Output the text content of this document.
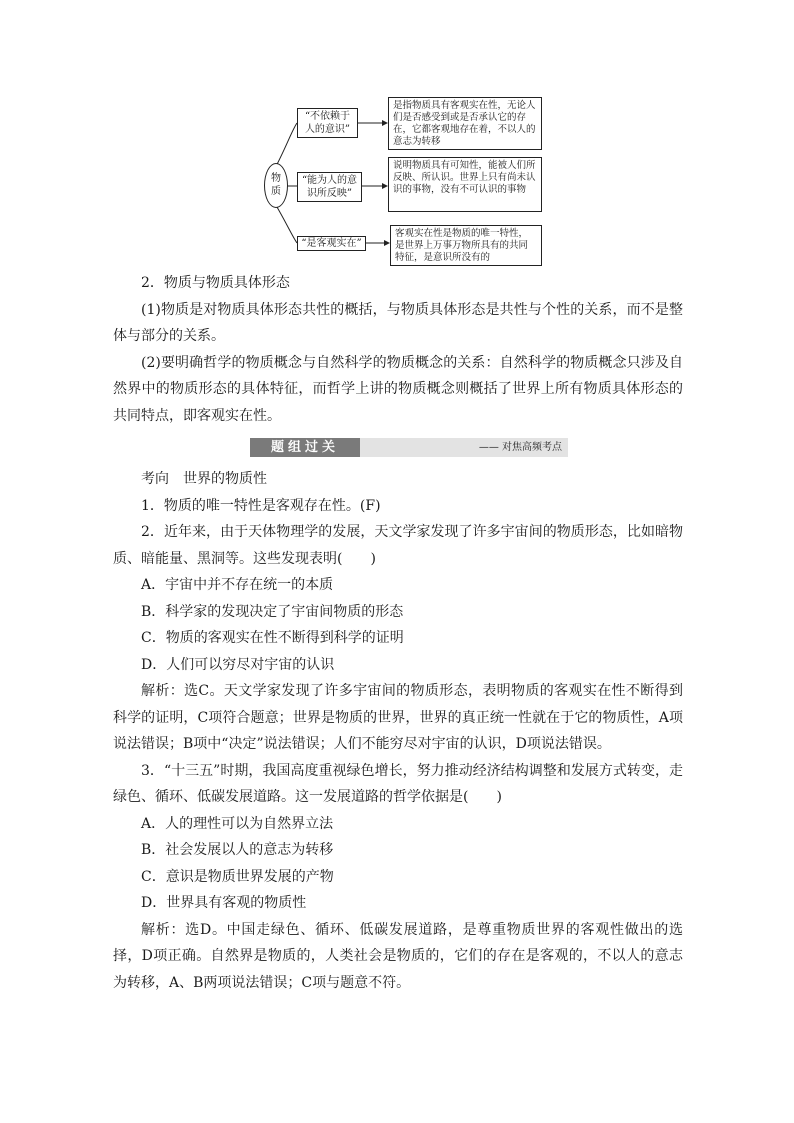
物质
“不依赖于人的意识”
“能为人的意识所反映”
“是客观实在”
是指物质具有客观实在性，无论人们是否感受到或是否承认它的存在，它都客观地存在着，不以人的意志为转移
说明物质具有可知性，能被人们所反映、所认识。世界上只有尚未认识的事物，没有不可认识的事物
客观实在性是物质的唯一特性，是世界上万事万物所具有的共同特征，是意识所没有的

2．物质与物质具体形态

(1)物质是对物质具体形态共性的概括，与物质具体形态是共性与个性的关系，而不是整体与部分的关系。

(2)要明确哲学的物质概念与自然科学的物质概念的关系：自然科学的物质概念只涉及自然界中的物质形态的具体特征，而哲学上讲的物质概念则概括了世界上所有物质具体形态的共同特点，即客观实在性。

题组过关	—— 对焦高频考点

考向　世界的物质性

1．物质的唯一特性是客观存在性。(F)

2．近年来，由于天体物理学的发展，天文学家发现了许多宇宙间的物质形态，比如暗物质、暗能量、黑洞等。这些发现表明(　　)

A．宇宙中并不存在统一的本质

B．科学家的发现决定了宇宙间物质的形态

C．物质的客观实在性不断得到科学的证明

D．人们可以穷尽对宇宙的认识

解析：选C。天文学家发现了许多宇宙间的物质形态，表明物质的客观实在性不断得到科学的证明，C项符合题意；世界是物质的世界，世界的真正统一性就在于它的物质性，A项说法错误；B项中“决定”说法错误；人们不能穷尽对宇宙的认识，D项说法错误。

3．“十三五”时期，我国高度重视绿色增长，努力推动经济结构调整和发展方式转变，走绿色、循环、低碳发展道路。这一发展道路的哲学依据是(　　)

A．人的理性可以为自然界立法

B．社会发展以人的意志为转移

C．意识是物质世界发展的产物

D．世界具有客观的物质性

解析：选D。中国走绿色、循环、低碳发展道路，是尊重物质世界的客观性做出的选择，D项正确。自然界是物质的，人类社会是物质的，它们的存在是客观的，不以人的意志为转移，A、B两项说法错误；C项与题意不符。
